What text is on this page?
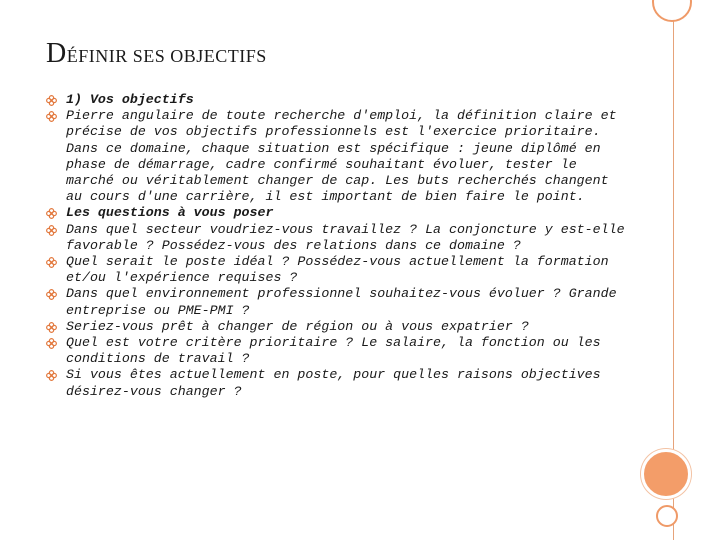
DÉFINIR SES OBJECTIFS
1) Vos objectifs
Pierre angulaire de toute recherche d'emploi, la définition claire et précise de vos objectifs professionnels est l'exercice prioritaire. Dans ce domaine, chaque situation est spécifique : jeune diplômé en phase de démarrage, cadre confirmé souhaitant évoluer, tester le marché ou véritablement changer de cap. Les buts recherchés changent au cours d'une carrière, il est important de bien faire le point.
Les questions à vous poser
Dans quel secteur voudriez-vous travaillez ? La conjoncture y est-elle favorable ? Possédez-vous des relations dans ce domaine ?
Quel serait le poste idéal ? Possédez-vous actuellement la formation et/ou l'expérience requises ?
Dans quel environnement professionnel souhaitez-vous évoluer ? Grande entreprise ou PME-PMI ?
Seriez-vous prêt à changer de région ou à vous expatrier ?
Quel est votre critère prioritaire ? Le salaire, la fonction ou les conditions de travail ?
Si vous êtes actuellement en poste, pour quelles raisons objectives désirez-vous changer ?
